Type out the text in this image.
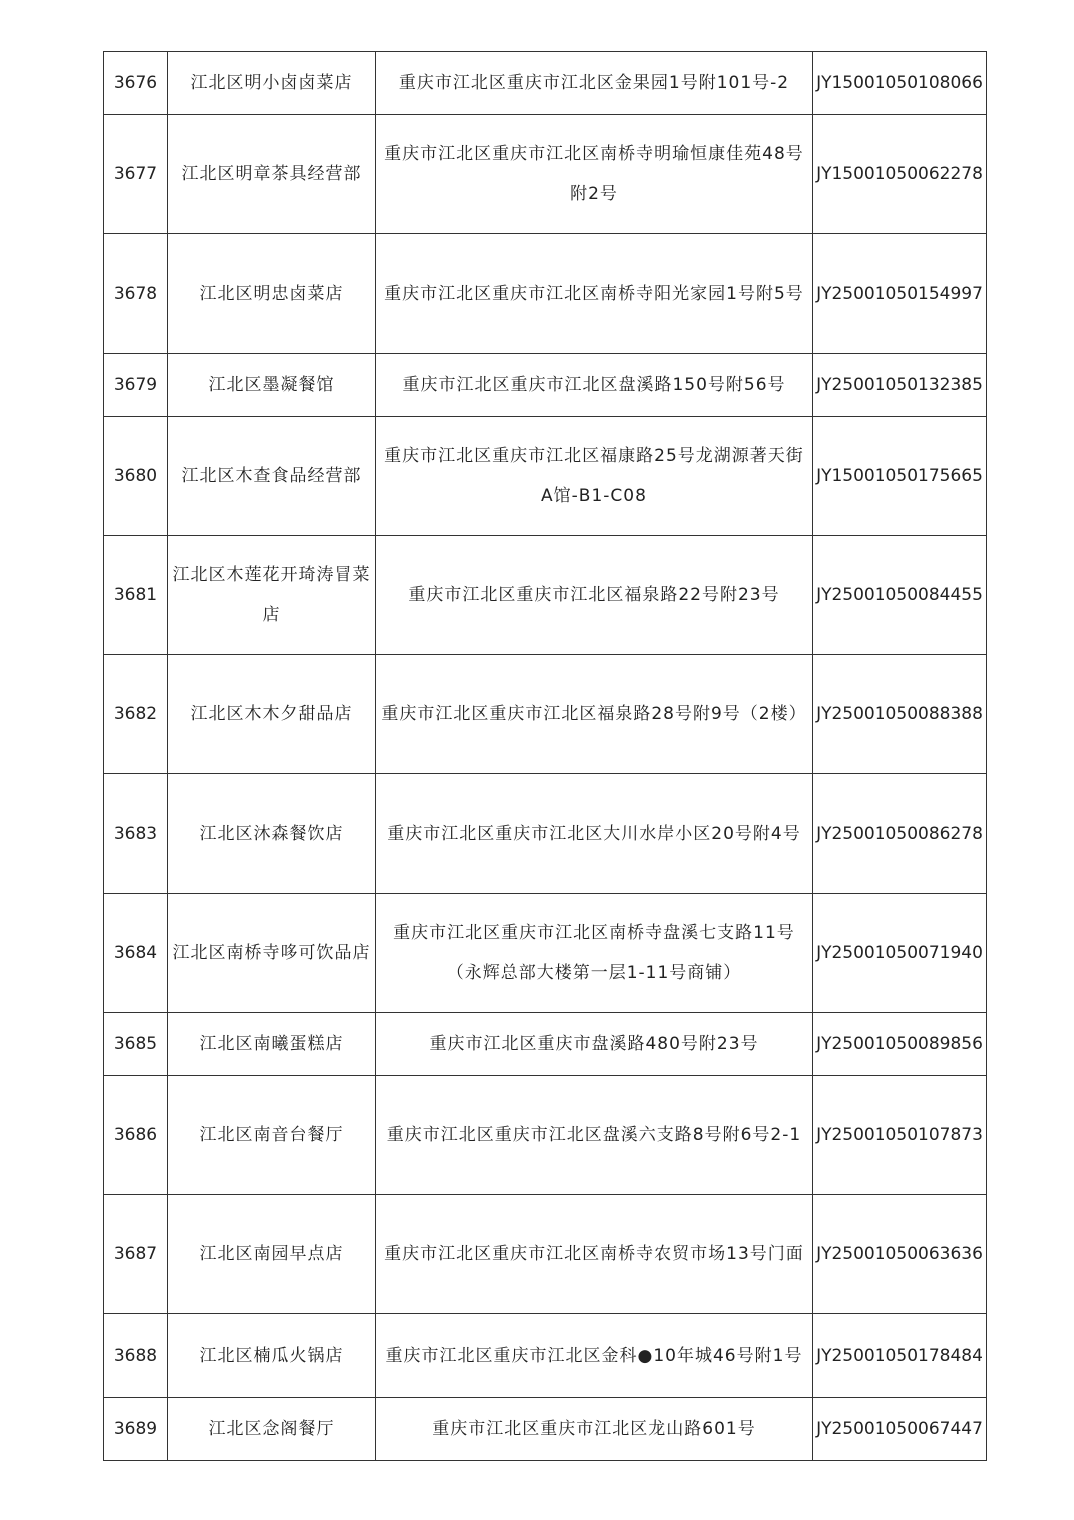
3676	江北区明小卤卤菜店	重庆市江北区重庆市江北区金果园1号附101号-2	JY15001050108066
3677	江北区明章茶具经营部	重庆市江北区重庆市江北区南桥寺明瑜恒康佳苑48号附2号	JY15001050062278
3678	江北区明忠卤菜店	重庆市江北区重庆市江北区南桥寺阳光家园1号附5号	JY25001050154997
3679	江北区墨凝餐馆	重庆市江北区重庆市江北区盘溪路150号附56号	JY25001050132385
3680	江北区木查食品经营部	重庆市江北区重庆市江北区福康路25号龙湖源著天街A馆-B1-C08	JY15001050175665
3681	江北区木莲花开琦涛冒菜店	重庆市江北区重庆市江北区福泉路22号附23号	JY25001050084455
3682	江北区木木夕甜品店	重庆市江北区重庆市江北区福泉路28号附9号（2楼）	JY25001050088388
3683	江北区沐森餐饮店	重庆市江北区重庆市江北区大川水岸小区20号附4号	JY25001050086278
3684	江北区南桥寺哆可饮品店	重庆市江北区重庆市江北区南桥寺盘溪七支路11号（永辉总部大楼第一层1-11号商铺）	JY25001050071940
3685	江北区南曦蛋糕店	重庆市江北区重庆市盘溪路480号附23号	JY25001050089856
3686	江北区南音台餐厅	重庆市江北区重庆市江北区盘溪六支路8号附6号2-1	JY25001050107873
3687	江北区南园早点店	重庆市江北区重庆市江北区南桥寺农贸市场13号门面	JY25001050063636
3688	江北区楠瓜火锅店	重庆市江北区重庆市江北区金科●10年城46号附1号	JY25001050178484
3689	江北区念阁餐厅	重庆市江北区重庆市江北区龙山路601号	JY25001050067447
